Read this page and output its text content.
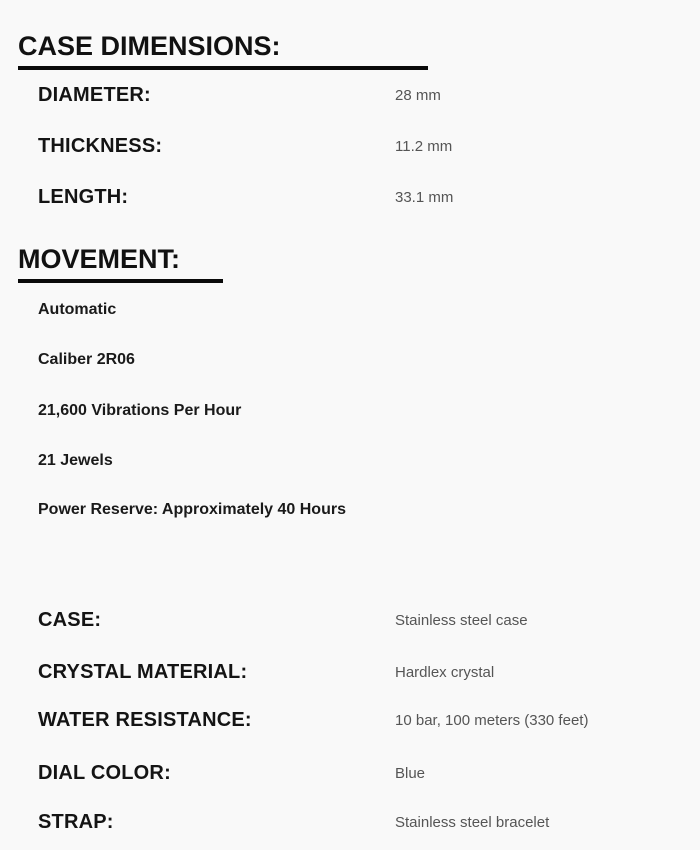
CASE DIMENSIONS:
DIAMETER:	28 mm
THICKNESS:	11.2 mm
LENGTH:	33.1 mm
MOVEMENT:
Automatic
Caliber 2R06
21,600 Vibrations Per Hour
21 Jewels
Power Reserve: Approximately 40 Hours
CASE:	Stainless steel case
CRYSTAL MATERIAL:	Hardlex crystal
WATER RESISTANCE:	10 bar, 100 meters (330 feet)
DIAL COLOR:	Blue
STRAP:	Stainless steel bracelet
